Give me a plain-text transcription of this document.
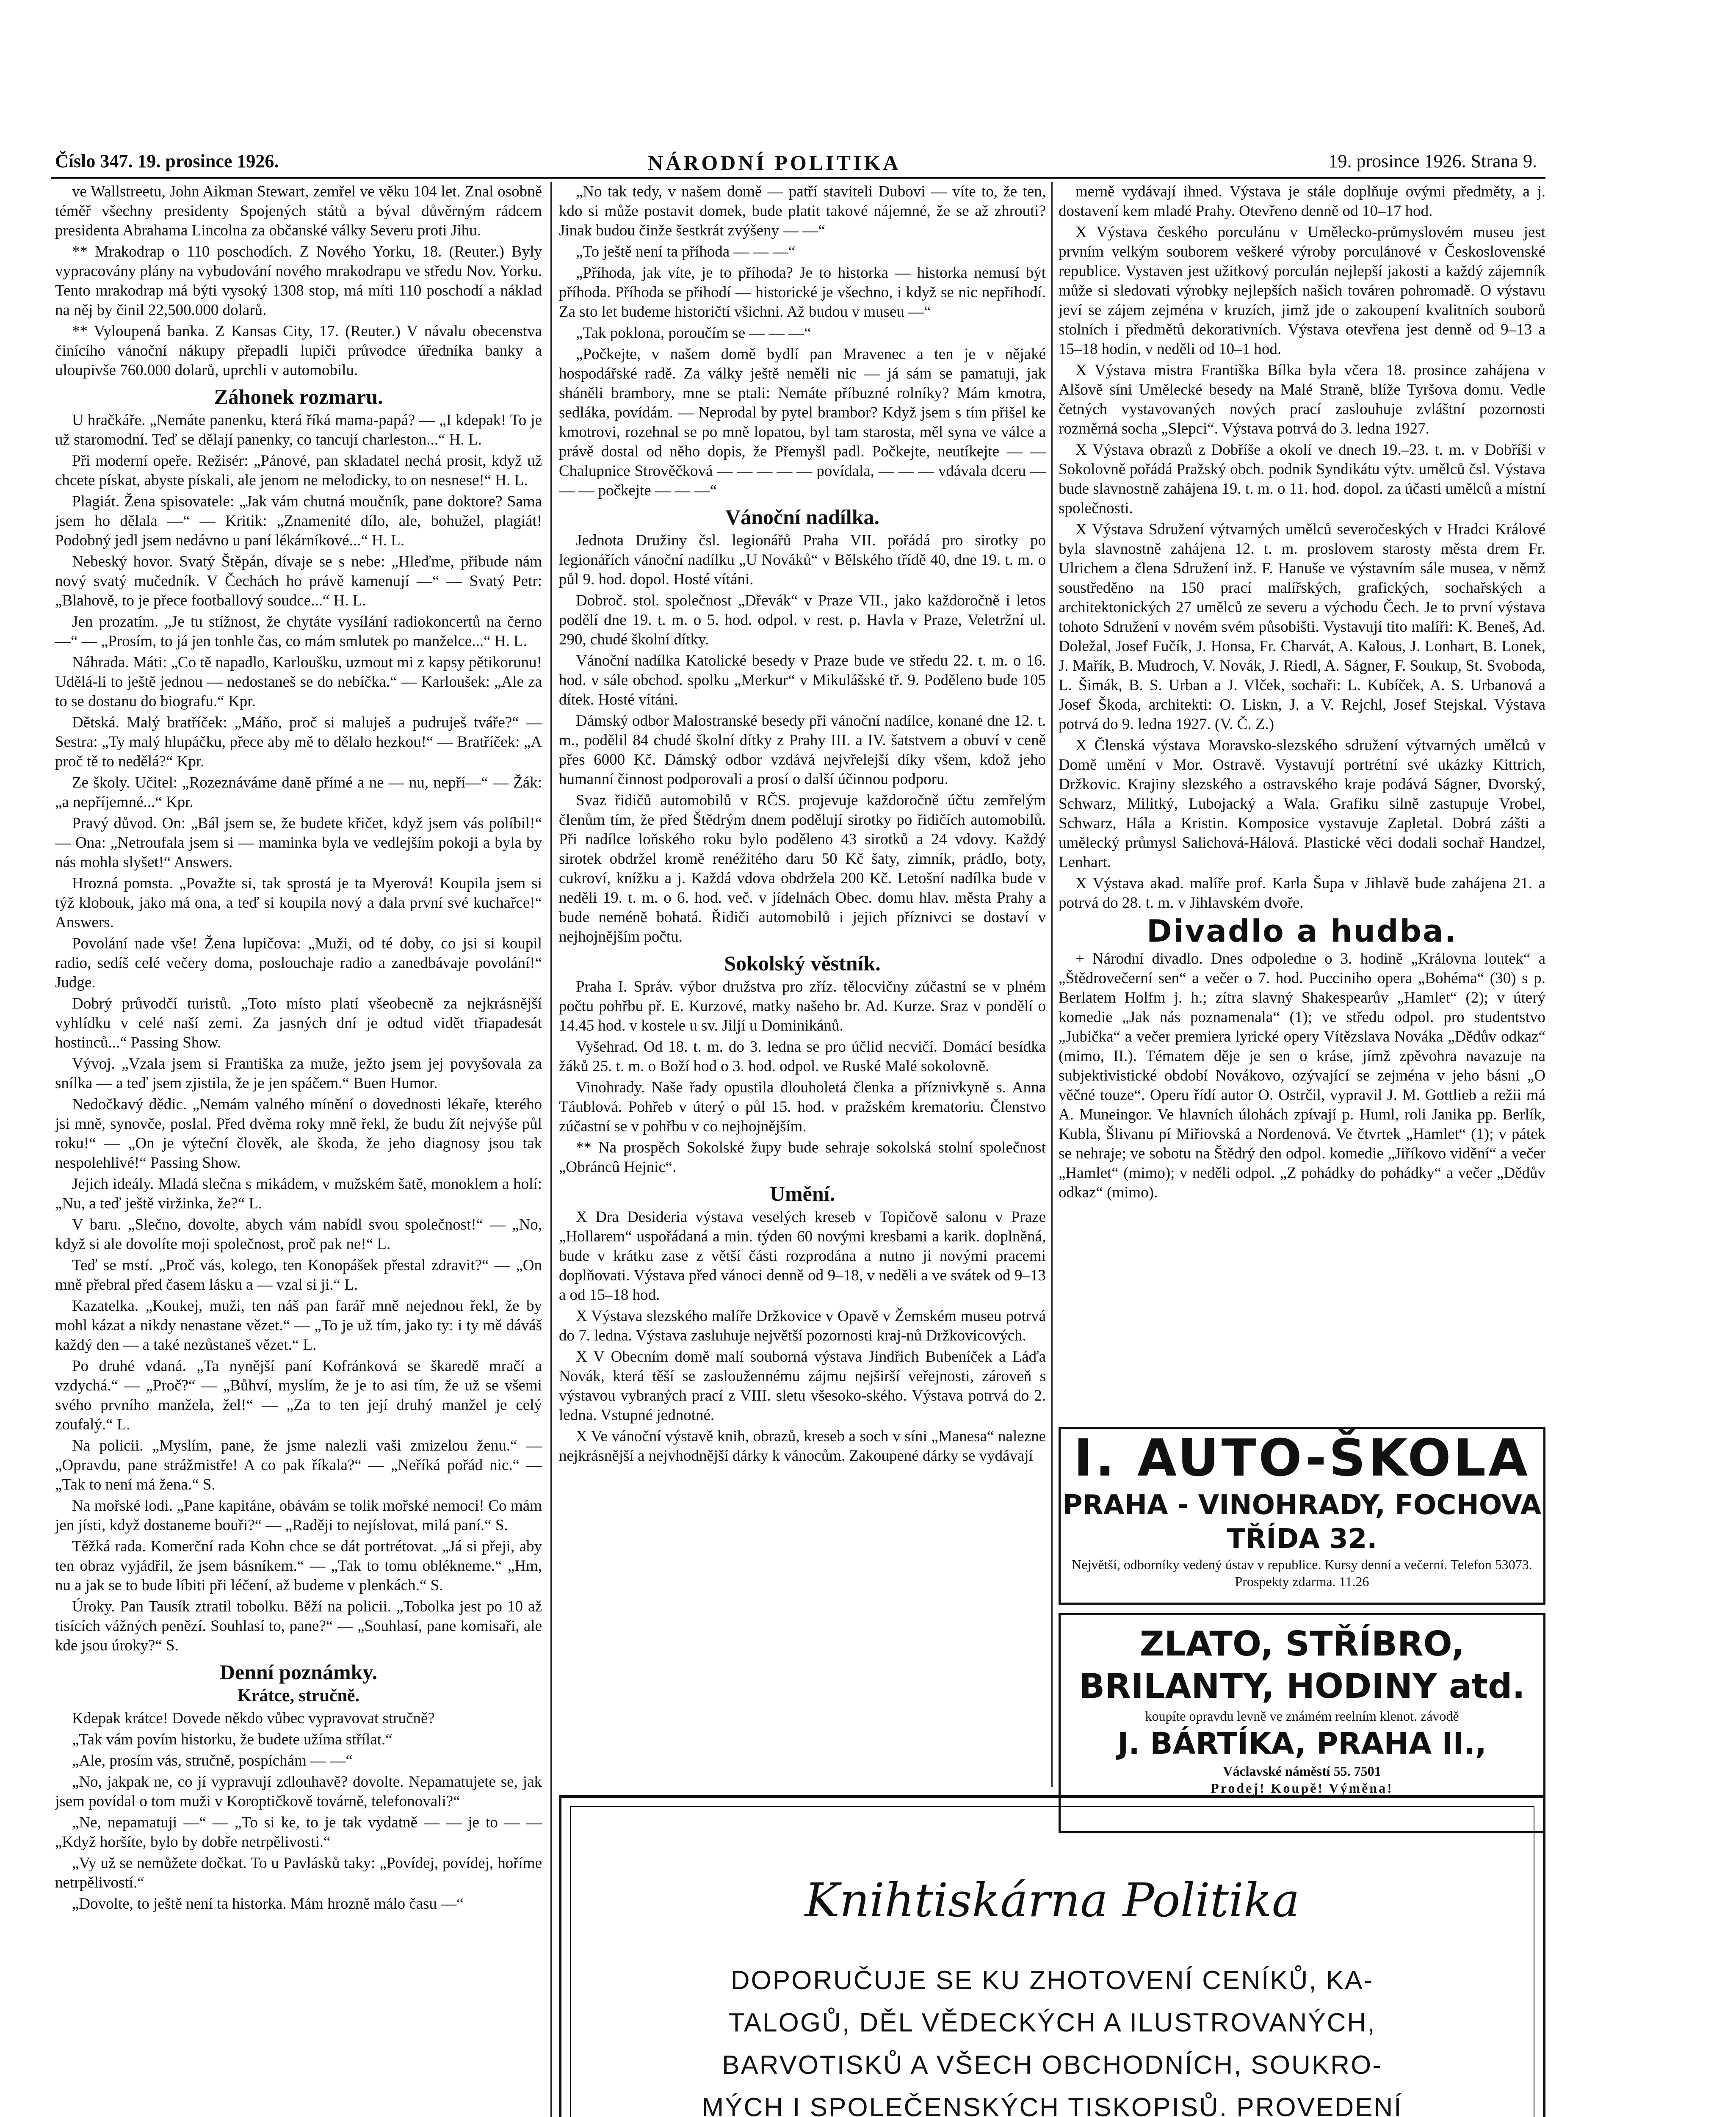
Číslo 347. 19. prosince 1926.	NÁRODNÍ POLITIKA	19. prosince 1926. Strana 9.

ve Wallstreetu, John Aikman Stewart, zemřel ve věku 104 let. Znal osobně téměř všechny presidenty Spojených států a býval důvěrným rádcem presidenta Abrahama Lincolna za občanské války Severu proti Jihu.

** Mrakodrap o 110 poschodích. Z Nového Yorku, 18. (Reuter.) Byly vypracovány plány na vybudování nového mrakodrapu ve středu Nov. Yorku. Tento mrakodrap má býti vysoký 1308 stop, má míti 110 poschodí a náklad na něj by činil 22,500.000 dolarů.

** Vyloupená banka. Z Kansas City, 17. (Reuter.) V návalu obecenstva činícího vánoční nákupy přepadli lupiči průvodce úředníka banky a uloupivše 760.000 dolarů, uprchli v automobilu.

Záhonek rozmaru.

U hračkáře. „Nemáte panenku, která říká mama-papá? — „I kdepak! To je už staromodní. Teď se dělají panenky, co tancují charleston...“ H. L.

Při moderní opeře. Režisér: „Pánové, pan skladatel nechá prosit, když už chcete pískat, abyste pískali, ale jenom ne melodicky, to on nesnese!“ H. L.

Plagiát. Žena spisovatele: „Jak vám chutná moučník, pane doktore? Sama jsem ho dělala —“ — Kritik: „Znamenité dílo, ale, bohužel, plagiát! Podobný jedl jsem nedávno u paní lékárníkové...“ H. L.

Nebeský hovor. Svatý Štěpán, dívaje se s nebe: „Hleďme, přibude nám nový svatý mučedník. V Čechách ho právě kamenují —“ — Svatý Petr: „Blahově, to je přece footballový soudce...“ H. L.

Jen prozatím. „Je tu stížnost, že chytáte vysílání radiokoncertů na černo —“ — „Prosím, to já jen tonhle čas, co mám smlutek po manželce...“ H. L.

Náhrada. Máti: „Co tě napadlo, Karloušku, uzmout mi z kapsy pětikorunu! Udělá-li to ještě jednou — nedostaneš se do nebíčka.“ — Karloušek: „Ale za to se dostanu do biografu.“ Kpr.

Dětská. Malý bratříček: „Máňo, proč si maluješ a pudruješ tváře?“ — Sestra: „Ty malý hlupáčku, přece aby mě to dělalo hezkou!“ — Bratříček: „A proč tě to nedělá?“ Kpr.

Ze školy. Učitel: „Rozeznáváme daně přímé a ne — nu, nepří—“ — Žák: „a nepříjemné...“ Kpr.

Pravý důvod. On: „Bál jsem se, že budete křičet, když jsem vás políbil!“ — Ona: „Netroufala jsem si — maminka byla ve vedlejším pokoji a byla by nás mohla slyšet!“ Answers.

Hrozná pomsta. „Považte si, tak sprostá je ta Myerová! Koupila jsem si týž klobouk, jako má ona, a teď si koupila nový a dala první své kuchařce!“ Answers.

Povolání nade vše! Žena lupičova: „Muži, od té doby, co jsi si koupil radio, sedíš celé večery doma, poslouchaje radio a zanedbávaje povolání!“ Judge.

Dobrý průvodčí turistů. „Toto místo platí všeobecně za nejkrásnější vyhlídku v celé naší zemi. Za jasných dní je odtud vidět třiapadesát hostinců...“ Passing Show.

Vývoj. „Vzala jsem si Františka za muže, ježto jsem jej povyšovala za snílka — a teď jsem zjistila, že je jen spáčem.“ Buen Humor.

Nedočkavý dědic. „Nemám valného mínění o dovednosti lékaře, kterého jsi mně, synovče, poslal. Před dvěma roky mně řekl, že budu žít nejvýše půl roku!“ — „On je výteční člověk, ale škoda, že jeho diagnosy jsou tak nespolehlivé!“ Passing Show.

Jejich ideály. Mladá slečna s mikádem, v mužském šatě, monoklem a holí: „Nu, a teď ještě viržinka, že?“ L.

V baru. „Slečno, dovolte, abych vám nabídl svou společnost!“ — „No, když si ale dovolíte moji společnost, proč pak ne!“ L.

Teď se mstí. „Proč vás, kolego, ten Konopášek přestal zdravit?“ — „On mně přebral před časem lásku a — vzal si ji.“ L.

Kazatelka. „Koukej, muži, ten náš pan farář mně nejednou řekl, že by mohl kázat a nikdy nenastane vězet.“ — „To je už tím, jako ty: i ty mě dáváš každý den — a také nezůstaneš vězet.“ L.

Po druhé vdaná. „Ta nynější paní Kofránková se škaredě mračí a vzdychá.“ — „Proč?“ — „Bůhví, myslím, že je to asi tím, že už se všemi svého prvního manžela, žel!“ — „Za to ten její druhý manžel je celý zoufalý.“ L.

Na policii. „Myslím, pane, že jsme nalezli vaši zmizelou ženu.“ — „Opravdu, pane strážmistře! A co pak říkala?“ — „Neříká pořád nic.“ — „Tak to není má žena.“ S.

Na mořské lodi. „Pane kapitáne, obávám se tolik mořské nemoci! Co mám jen jísti, když dostaneme bouři?“ — „Raději to nejíslovat, milá paní.“ S.

Těžká rada. Komerční rada Kohn chce se dát portrétovat. „Já si přeji, aby ten obraz vyjádřil, že jsem básníkem.“ — „Tak to tomu oblékneme.“ „Hm, nu a jak se to bude líbiti při léčení, až budeme v plenkách.“ S.

Úroky. Pan Tausík ztratil tobolku. Běží na policii. „Tobolka jest po 10 až tisících vážných penězí. Souhlasí to, pane?“ — „Souhlasí, pane komisaři, ale kde jsou úroky?“ S.

Denní poznámky.
Krátce, stručně.

Kdepak krátce! Dovede někdo vůbec vypravovat stručně?

„Tak vám povím historku, že budete užíma střílat.“

„Ale, prosím vás, stručně, pospíchám — —“

„No, jakpak ne, co jí vypravují zdlouhavě? dovolte. Nepamatujete se, jak jsem povídal o tom muži v Koroptičkově továrně, telefonovali?“

„Ne, nepamatuji —“ — „To si ke, to je tak vydatně — — je to — — „Když horšíte, bylo by dobře netrpělivosti.“

„Vy už se nemůžete dočkat. To u Pavlásků taky: „Povídej, povídej, hoříme netrpělivostí.“

„Dovolte, to ještě není ta historka. Mám hrozně málo času —“

„No tak tedy, v našem domě — patří staviteli Dubovi — víte to, že ten, kdo si může postavit domek, bude platit takové nájemné, že se až zhrouti? Jinak budou činže šestkrát zvýšeny — —“

„To ještě není ta příhoda — — —“

„Příhoda, jak víte, je to příhoda? Je to historka — historka nemusí být příhoda. Příhoda se přihodí — historické je všechno, i když se nic nepřihodí. Za sto let budeme historičtí všichni. Až budou v museu —“

„Tak poklona, poroučím se — — —“

„Počkejte, v našem domě bydlí pan Mravenec a ten je v nějaké hospodářské radě. Za války ještě neměli nic — já sám se pamatuji, jak sháněli brambory, mne se ptali: Nemáte příbuzné rolníky? Mám kmotra, sedláka, povídám. — Neprodal by pytel brambor? Když jsem s tím přišel ke kmotrovi, rozehnal se po mně lopatou, byl tam starosta, měl syna ve válce a právě dostal od něho dopis, že Přemyšl padl. Počkejte, neutíkejte — — Chalupnice Strověčková — — — — — povídala, — — — vdávala dceru — — — počkejte — — —“

Vánoční nadílka.

Jednota Družiny čsl. legionářů Praha VII. pořádá pro sirotky po legionářích vánoční nadílku „U Nováků“ v Bělského třídě 40, dne 19. t. m. o půl 9. hod. dopol. Hosté vítáni.

Dobroč. stol. společnost „Dřevák“ v Praze VII., jako každoročně i letos podělí dne 19. t. m. o 5. hod. odpol. v rest. p. Havla v Praze, Veletržní ul. 290, chudé školní dítky.

Vánoční nadílka Katolické besedy v Praze bude ve středu 22. t. m. o 16. hod. v sále obchod. spolku „Merkur“ v Mikulášské tř. 9. Poděleno bude 105 dítek. Hosté vítáni.

Dámský odbor Malostranské besedy při vánoční nadílce, konané dne 12. t. m., podělil 84 chudé školní dítky z Prahy III. a IV. šatstvem a obuví v ceně přes 6000 Kč. Dámský odbor vzdává nejvřelejší díky všem, kdož jeho humanní činnost podporovali a prosí o další účinnou podporu.

Svaz řidičů automobilů v RČS. projevuje každoročně účtu zemřelým členům tím, že před Štědrým dnem podělují sirotky po řidičích automobilů. Při nadílce loňského roku bylo poděleno 43 sirotků a 24 vdovy. Každý sirotek obdržel kromě renéžitého daru 50 Kč šaty, zimník, prádlo, boty, cukroví, knížku a j. Každá vdova obdržela 200 Kč. Letošní nadílka bude v neděli 19. t. m. o 6. hod. več. v jídelnách Obec. domu hlav. města Prahy a bude neméně bohatá. Řidiči automobilů i jejich příznivci se dostaví v nejhojnějším počtu.

Sokolský věstník.

Praha I. Správ. výbor družstva pro zříz. tělocvičny zúčastní se v plném počtu pohřbu př. E. Kurzové, matky našeho br. Ad. Kurze. Sraz v pondělí o 14.45 hod. v kostele u sv. Jiljí u Dominikánů.

Vyšehrad. Od 18. t. m. do 3. ledna se pro účlid necvičí. Domácí besídka žáků 25. t. m. o Boží hod o 3. hod. odpol. ve Ruské Malé sokolovně.

Vinohrady. Naše řady opustila dlouholetá členka a příznivkyně s. Anna Táublová. Pohřeb v úterý o půl 15. hod. v pražském krematoriu. Členstvo zúčastní se v pohřbu v co nejhojnějším.

** Na prospěch Sokolské župy bude sehraje sokolská stolní společnost „Obráncû Hejnic“.

Umění.

X Dra Desideria výstava veselých kreseb v Topičově salonu v Praze „Hollarem“ uspořádaná a min. týden 60 novými kresbami a karik. doplněná, bude v krátku zase z větší části rozprodána a nutno ji novými pracemi doplňovati. Výstava před vánoci denně od 9–18, v neděli a ve svátek od 9–13 a od 15–18 hod.

X Výstava slezského malíře Držkovice v Opavě v Žemském museu potrvá do 7. ledna. Výstava zasluhuje největší pozornosti kraj-nů Držkovicových.

X V Obecním domě malí souborná výstava Jindřich Bubeníček a Láďa Novák, která těší se zasloužennému zájmu nejširší veřejnosti, zároveň s výstavou vybraných prací z VIII. sletu všesoko-ského. Výstava potrvá do 2. ledna. Vstupné jednotné.

X Ve vánoční výstavě knih, obrazů, kreseb a soch v síni „Manesa“ nalezne nejkrásnější a nejvhodnější dárky k vánocům. Zakoupené dárky se vydávají

merně vydávají ihned. Výstava je stále doplňuje ovými předměty, a j. dostavení kem mladé Prahy. Otevřeno denně od 10–17 hod.

X Výstava českého porculánu v Umělecko-průmyslovém museu jest prvním velkým souborem veškeré výroby porculánové v Československé republice. Vystaven jest užitkový porculán nejlepší jakosti a každý zájemník může si sledovati výrobky nejlepších našich továren pohromadě. O výstavu jeví se zájem zejména v kruzích, jimž jde o zakoupení kvalitních souborů stolních i předmětů dekorativních. Výstava otevřena jest denně od 9–13 a 15–18 hodin, v neděli od 10–1 hod.

X Výstava mistra Františka Bílka byla včera 18. prosince zahájena v Alšově síni Umělecké besedy na Malé Straně, blíže Tyršova domu. Vedle četných vystavovaných nových prací zaslouhuje zvláštní pozornosti rozměrná socha „Slepci“. Výstava potrvá do 3. ledna 1927.

X Výstava obrazů z Dobříše a okolí ve dnech 19.–23. t. m. v Dobříši v Sokolovně pořádá Pražský obch. podnik Syndikátu výtv. umělců čsl. Výstava bude slavnostně zahájena 19. t. m. o 11. hod. dopol. za účasti umělců a místní společnosti.

X Výstava Sdružení výtvarných umělců severočeských v Hradci Králové byla slavnostně zahájena 12. t. m. proslovem starosty města drem Fr. Ulrichem a člena Sdružení inž. F. Hanuše ve výstavním sále musea, v němž soustředěno na 150 prací malířských, grafických, sochařských a architektonických 27 umělců ze severu a východu Čech. Je to první výstava tohoto Sdružení v novém svém působišti. Vystavují tito malíři: K. Beneš, Ad. Doležal, Josef Fučík, J. Honsa, Fr. Charvát, A. Kalous, J. Lonhart, B. Lonek, J. Mařík, B. Mudroch, V. Novák, J. Riedl, A. Ságner, F. Soukup, St. Svoboda, L. Šimák, B. S. Urban a J. Vlček, sochaři: L. Kubíček, A. S. Urbanová a Josef Škoda, architekti: O. Liskn, J. a V. Rejchl, Josef Stejskal. Výstava potrvá do 9. ledna 1927. (V. Č. Z.)

X Členská výstava Moravsko-slezského sdružení výtvarných umělců v Domě umění v Mor. Ostravě. Vystavují portrétní své ukázky Kittrich, Držkovic. Krajiny slezského a ostravského kraje podává Ságner, Dvorský, Schwarz, Militký, Lubojacký a Wala. Grafiku silně zastupuje Vrobel, Schwarz, Hála a Kristin. Komposice vystavuje Zapletal. Dobrá zášti a umělecký průmysl Salichová-Hálová. Plastické věci dodali sochař Handzel, Lenhart.

X Výstava akad. malíře prof. Karla Šupa v Jihlavě bude zahájena 21. a potrvá do 28. t. m. v Jihlavském dvoře.

Divadlo a hudba.

+ Národní divadlo. Dnes odpoledne o 3. hodině „Královna loutek“ a „Štědrovečerní sen“ a večer o 7. hod. Pucciniho opera „Bohéma“ (30) s p. Berlatem Holfm j. h.; zítra slavný Shakespearův „Hamlet“ (2); v úterý komedie „Jak nás poznamenala“ (1); ve středu odpol. pro studentstvo „Jubička“ a večer premiera lyrické opery Vítězslava Nováka „Dědův odkaz“ (mimo, II.). Tématem děje je sen o kráse, jímž zpěvohra navazuje na subjektivistické období Novákovo, ozývající se zejména v jeho básni „O věčné touze“. Operu řídí autor O. Ostrčil, vypravil J. M. Gottlieb a režii má A. Muneingor. Ve hlavních úlohách zpívají p. Huml, roli Janika pp. Berlík, Kubla, Šlivanu pí Miřiovská a Nordenová. Ve čtvrtek „Hamlet“ (1); v pátek se nehraje; ve sobotu na Štědrý den odpol. komedie „Jiříkovo vidění“ a večer „Hamlet“ (mimo); v neděli odpol. „Z pohádky do pohádky“ a večer „Dědův odkaz“ (mimo).

I. AUTO-ŠKOLA
PRAHA - VINOHRADY, FOCHOVA TŘÍDA 32.
Největší, odborníky vedený ústav v republice. Kursy denní a večerní. Telefon 53073. Prospekty zdarma. 11.26
ZLATO, STŘÍBRO,
BRILANTY, HODINY atd.
koupíte opravdu levně ve známém reelním klenot. závodě
J. BÁRTÍKA, PRAHA II.,
Václavské náměstí 55. 7501
Prodej! Koupě! Výměna!
Knihtiskárna Politika
DOPORUČUJE SE KU ZHOTOVENÍ CENÍKŮ, KA-
TALOGŮ, DĚL VĚDECKÝCH A ILUSTROVANÝCH,
BARVOTISKŮ A VŠECH OBCHODNÍCH, SOUKRO-
MÝCH I SPOLEČENSKÝCH TISKOPISŮ. PROVEDENÍ
